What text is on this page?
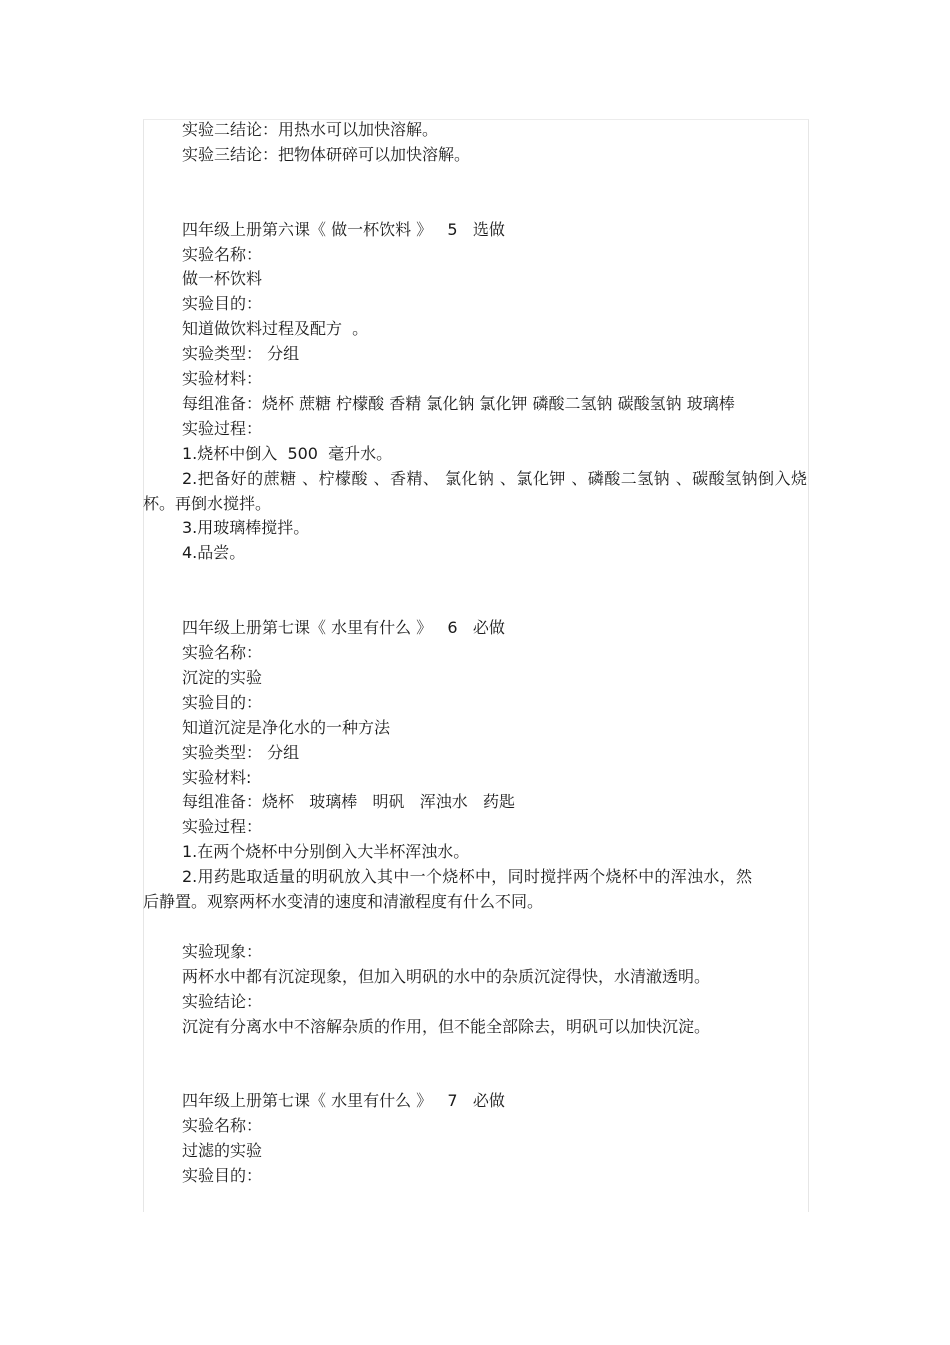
实验二结论：用热水可以加快溶解。
实验三结论：把物体研碎可以加快溶解。
四年级上册第六课《 做一杯饮料 》   5   选做
实验名称：
做一杯饮料
实验目的：
知道做饮料过程及配方  。
实验类型： 分组
实验材料：
每组准备：烧杯 蔗糖 柠檬酸 香精 氯化钠 氯化钾 磷酸二氢钠 碳酸氢钠 玻璃棒
实验过程：
1.烧杯中倒入  500  毫升水。
2.把备好的蔗糖 、柠檬酸 、香精、 氯化钠 、氯化钾 、磷酸二氢钠 、碳酸氢钠倒入烧杯。再倒水搅拌。
3.用玻璃棒搅拌。
4.品尝。
四年级上册第七课《 水里有什么 》   6   必做
实验名称：
沉淀的实验
实验目的：
知道沉淀是净化水的一种方法
实验类型： 分组
实验材料:
每组准备：烧杯   玻璃棒   明矾   浑浊水   药匙
实验过程：
1.在两个烧杯中分别倒入大半杯浑浊水。
2.用药匙取适量的明矾放入其中一个烧杯中，同时搅拌两个烧杯中的浑浊水，然后静置。观察两杯水变清的速度和清澈程度有什么不同。
实验现象：
两杯水中都有沉淀现象，但加入明矾的水中的杂质沉淀得快，水清澈透明。
实验结论：
沉淀有分离水中不溶解杂质的作用，但不能全部除去，明矾可以加快沉淀。
四年级上册第七课《 水里有什么 》   7   必做
实验名称：
过滤的实验
实验目的：
